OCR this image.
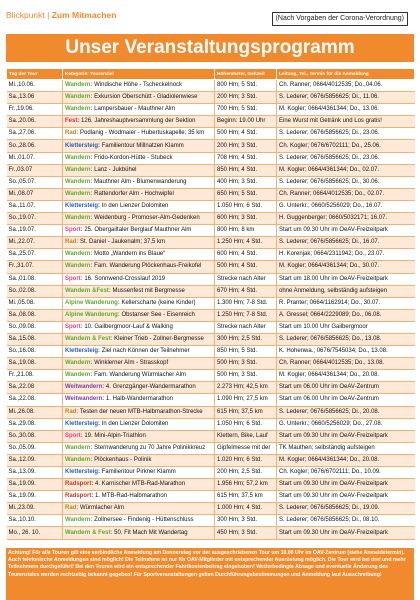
Blickpunkt | Zum Mitmachen	(Nach Vorgaben der Corona-Verordnung)
Unser Veranstaltungsprogramm
Tag der Tour	Kategorie: Tourenziel	Höhenmeter, Gehzeit	Leitung, Tel., Termin für die Anmeldung
Mi.,10.06.	Wandern: Windische Höhe - Tscheckelnock	800 Hm; 5 Std.	Ch. Ranner; 0664/4012535; Do.,04.06.
Sa.,13.06	Wandern: Exkursion Oberschütt - Gladiolenwiese	200 Hm; 3 Std.	S. Lederer; 0676/5856625; Di., 11.06.
Fr.,19.06.	Wandern: Lampersbauer - Mauthner Alm	700 Hm; 5 Std.	M. Kogler; 0664/4361344; Do., 13.06.
Sa.,20.06.	Fest: 126. Jahreshauptversammlung der Sektion	Beginn: 19.00 Uhr	Eine Wurst mit Getränk und Los gratis!
Sa.,27.06.	Rad: Podlanig - Wodmaier - Hubertuskapelle; 35 km	500 Hm; 4 Std.	S. Lederer; 0676/5856625; Di., 23.06.
So.,28.06.	Klettersteig: Familientour Millnatzen Klamm	200 Hm; 3 Std.	Ch. Kogler; 0676/6702111; Do., 25.06.
Mi.,01.07.	Wandern: Frido-Kordon-Hütte - Stubeck	708 Hm; 4 Std.	S. Lederer; 0676/5856625; Di., 23.06.
Fr.,03.07	Wandern: Lanz - Jukbühel	850 Hm; 4 Std.	M. Kogler; 0664/4361344; Do., 02.07.
So.,05.07.	Wandern: Mauthner Alm - Blumenwanderung	400 Hm; 3 Std.	S. Lederer; 0676/5856625; Di., 30.06.
Mi.,08.07	Wandern: Rattendorfer Alm - Hochwipfel	650 Hm; 5 Std.	Ch. Ranner; 0664/4012535; Do., 02.07.
Sa.,11.07.	Klettersteig: In den Lienzer Dolomiten	1.050 Hm; 6 Std.	G. Unterkr.; 0660/5256029; Do., 16.07.
So.,19.07.	Wandern: Weidenburg - Promoser-Alm-Gedenken	600 Hm; 3 Std.	H. Guggenberger; 0660/5032171; 16.07.
Sa.,19.07.	Sport: 25. Obergailtaler Berglauf Mauthner Alm	800 Hm; 8 km	Start um 09.30 Uhr im OeAV-Freizeitpark
Mi.,22.07.	Rad: St. Daniel - Jaukenalm; 37,5 km	1.250 Hm; 4 Std.	S. Lederer; 0676/5856625; Di., 16.07.
Sa.,25.07.	Wandern: Motto „Wandern ins Blaue“	600 Hm; 4 Std.	H. Korenjak; 0664/2311942; Do., 23.07.
Fr.,31.07.	Wandern: Fam. Wanderung Plöckenhaus-Freikofel	500 Hm; 4 Std.	M. Kogler; 0664/4361344; Do., 30.07.
Sa.,01.08.	Sport: 16. Sonnwend-Crosslauf 2019	Strecke nach Alter	Start um 18.00 Uhr im OeAV-Freizeitpark
So.,02.08.	Wandern &Fest: Mussenfest mit Bergmesse	670 Hm; 4 Std.	ohne Anmeldung, selbständig aufsteigen
Mi.,05.08.	Alpine Wanderung: Kellerscharte (keine Kinder)	1.300 Hm; 7-8 Std.	R. Pranter; 0664/1162914; Do., 30.07.
Sa.,08.08.	Alpine Wanderung: Obstanser See - Eisenreich	1.250 Hm; 7-8 Std.	A. Gressel; 0664/2229089; Do., 06.08.
So.,09.08.	Sport: 10. Gailbergmoor-Lauf & Walking	Strecke nach Alter	Start um 10.00 Uhr Gailbergmoor
Sa.,15.08.	Wandern & Fest: Kleiner Trieb - Zollner-Bergmesse	300 Hm; 2,5 Std.	S. Lederer; 0676/5856625; Do., 13.08.
So.,16.08.	Klettersteig: Ziel nach Können der Teilnehmer	850 Hm; 5 Std.	K. Hohenwa.; 0676/7545034; Do., 13.08.
Sa.,19.08.	Wandern: Winklerner Alm - Strasskopf	500 Hm; 3 Std.	Ch. Ranner; 0664/4012535; Do., 13.08.
Fr.,21.08.	Wandern: Fam. Wanderung Würmlacher Alm	500 Hm; 3 Std.	M. Kogler; 0664/4361344; Do., 20.08.
Sa.,22.08	Weitwandern: 4. Grenzgänger-Wandermarathon	2.273 Hm; 42,5 km	Start um 06.00 Uhr im OeAV-Zentrum
Sa.,22.08.	Weitwandern: 1. Halb-Wandermarathon	1.090 Hm; 27,5 km	Start um 06.00 Uhr im OeAV-Zentrum
Mi.,26.08.	Rad: Testen der neuen MTB-Halbmarathon-Strecke	615 Hm; 37,5 km	S. Lederer; 0676/5856625; Di., 20.08.
Sa.,29.08.	Klettersteig: In den Lienzer Dolomiten	1.050 Hm; 6 Std.	G. Unterkr.; 0660/5256029; Do., 27.08.
So.,30.08.	Sport: 19. Mini-Alpin-Triathlon	Klettern, Bike, Lauf	Start um 09.30 Uhr im OeAV-Freizeitpark
So.,05.09.	Wandern: Sternwanderung zu 70 Jahre Polinikkreuz	Gipfelmesse mit der	TK Mauthen; selbständig aufsteigen
Sa.,12.09.	Wandern: Plöckenhaus - Polinik	1.020 Hm; 6 Std.	M. Kogler; 0664/4361344; Do., 20.08.
Sa.,13.09.	Klettersteig: Familientour Pirkner Klamm	200 Hm; 2,5 Std.	Ch. Kogler; 0676/6702111; Do., 10.09.
Sa.,19.09.	Radsport: 4. Karnischer MTB-Rad-Marathon	1.956 Hm; 57,2 km	Start um 09.30 Uhr im OeAV-Freizeitpark
Sa.,19.09.	Radsport: 1. MTB-Rad-Halbmarathon	615 Hm; 37,5 km	Start um 09.30 Uhr im OeAV-Freizeitpark
Mi.,23.09.	Rad: Würmlacher Alm	1.000 Hm; 4 Std.	S. Lederer; 0676/5856625; Di., 19.09.
Sa.,10.10.	Wandern: Zollnersee - Findenig - Hüttenschluss	300 Hm; 3 Std.	S. Lederer; 0676/5856625; Di., 08.10.
Mo., 26. 10.	Wandern & Fest: 50. Fit Mach Mit Wandertag	450 Hm; 3 Std.	Start um 09.30 Uhr im OeAV-Freizeitpark
Achtung! Für alle Touren gilt eine verbindliche Anmeldung am Donnerstag vor der ausgeschriebenen Tour um 18.00 Uhr im OAV-Zentrum (siehe Anmeldetermin). Auch telefonische Anmeldungen sind möglich! Die Teilnahme ist nur für OAV-Mitglieder mit entsprechender Ausrüstung möglich. Die Tour wird bei drei und mehr Teilnehmern durchgeführt! Bei den Touren wird ein entsprechender Fahrtkostenbeitrag eingehoben! Wetterbedingte Absage und eventuelle Änderung des Tourenzieles werden rechtzeitig bekannt gegeben! Für Sportveranstaltungen gelten Durchführungsbestimmungen und Anmeldung laut Ausschreibung!
